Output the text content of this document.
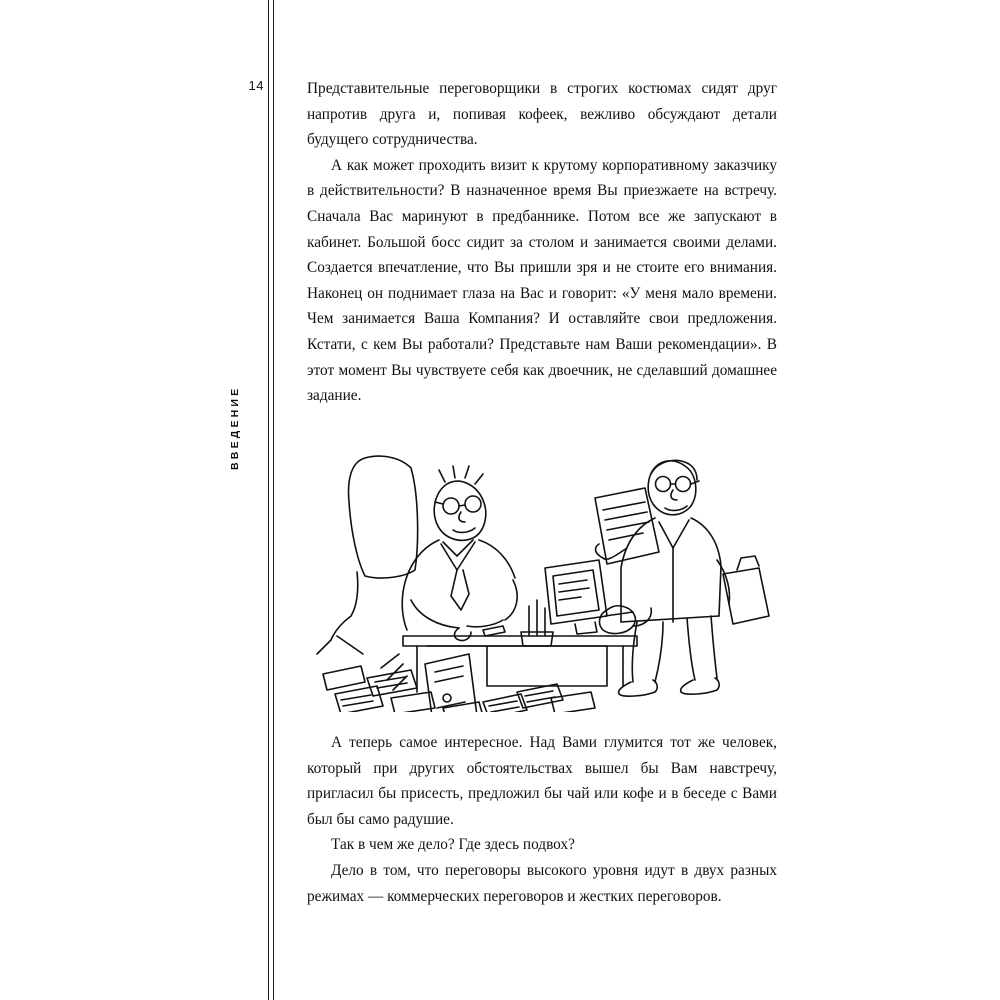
14
ВВЕДЕНИЕ

Представительные переговорщики в строгих костюмах сидят друг напротив друга и, попивая кофеек, вежливо обсуждают детали будущего сотрудничества.

А как может проходить визит к крутому корпоративному заказчику в действительности? В назначенное время Вы приезжаете на встречу. Сначала Вас маринуют в предбаннике. Потом все же запускают в кабинет. Большой босс сидит за столом и занимается своими делами. Создается впечатление, что Вы пришли зря и не стоите его внимания. Наконец он поднимает глаза на Вас и говорит: «У меня мало времени. Чем занимается Ваша Компания? И оставляйте свои предложения. Кстати, с кем Вы работали? Представьте нам Ваши рекомендации». В этот момент Вы чувствуете себя как двоечник, не сделавший домашнее задание.

А теперь самое интересное. Над Вами глумится тот же человек, который при других обстоятельствах вышел бы Вам навстречу, пригласил бы присесть, предложил бы чай или кофе и в беседе с Вами был бы само радушие.

Так в чем же дело? Где здесь подвох?

Дело в том, что переговоры высокого уровня идут в двух разных режимах — коммерческих переговоров и жестких переговоров.
